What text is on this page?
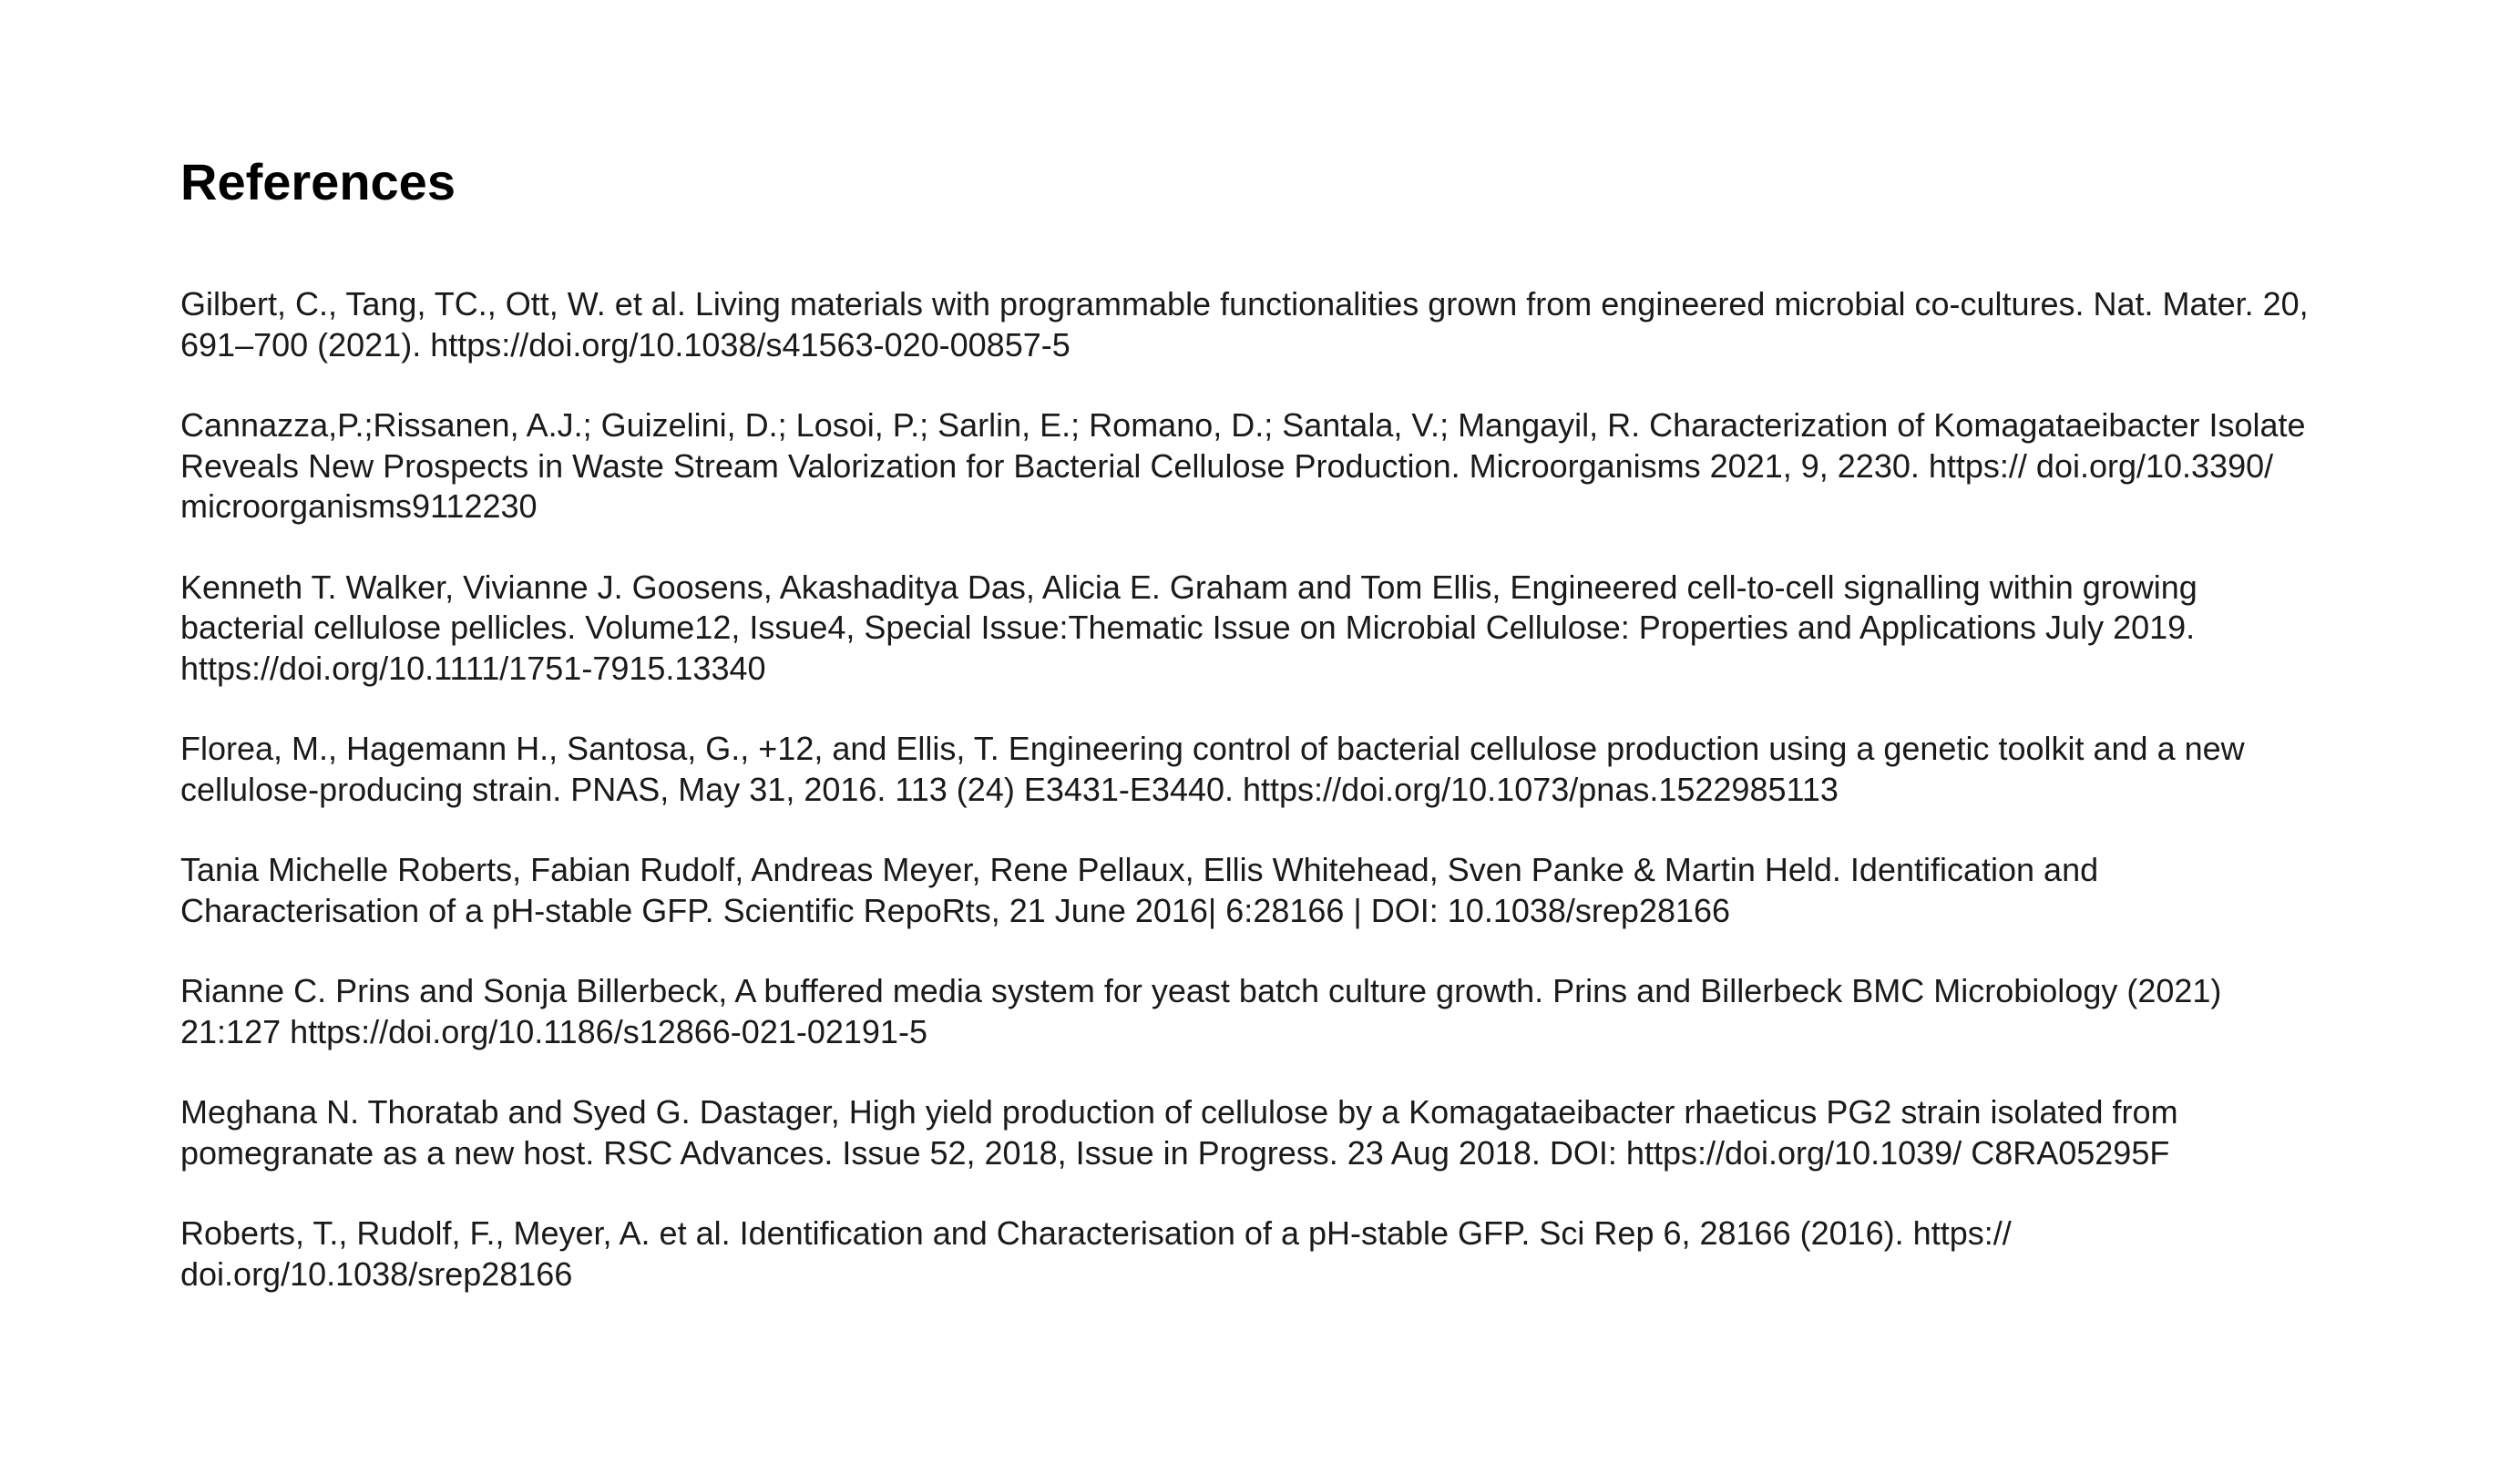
References
Gilbert, C., Tang, TC., Ott, W. et al. Living materials with programmable functionalities grown from engineered microbial co-cultures. Nat. Mater. 20, 691–700 (2021). https://doi.org/10.1038/s41563-020-00857-5
Cannazza,P.;Rissanen, A.J.; Guizelini, D.; Losoi, P.; Sarlin, E.; Romano, D.; Santala, V.; Mangayil, R. Characterization of Komagataeibacter Isolate Reveals New Prospects in Waste Stream Valorization for Bacterial Cellulose Production. Microorganisms 2021, 9, 2230. https:// doi.org/10.3390/ microorganisms9112230
Kenneth T. Walker, Vivianne J. Goosens, Akashaditya Das, Alicia E. Graham and Tom Ellis, Engineered cell-to-cell signalling within growing bacterial cellulose pellicles. Volume12, Issue4, Special Issue:Thematic Issue on Microbial Cellulose: Properties and Applications July 2019. https://doi.org/10.1111/1751-7915.13340
Florea, M., Hagemann H., Santosa, G., +12, and Ellis, T. Engineering control of bacterial cellulose production using a genetic toolkit and a new cellulose-producing strain. PNAS, May 31, 2016. 113 (24) E3431-E3440. https://doi.org/10.1073/pnas.1522985113
Tania Michelle Roberts, Fabian Rudolf, Andreas Meyer, Rene Pellaux, Ellis Whitehead, Sven Panke & Martin Held. Identification and Characterisation of a pH-stable GFP. Scientific RepoRts, 21 June 2016| 6:28166 | DOI: 10.1038/srep28166
Rianne C. Prins and Sonja Billerbeck, A buffered media system for yeast batch culture growth. Prins and Billerbeck BMC Microbiology (2021) 21:127 https://doi.org/10.1186/s12866-021-02191-5
Meghana N. Thoratab and Syed G. Dastager, High yield production of cellulose by a Komagataeibacter rhaeticus PG2 strain isolated from pomegranate as a new host. RSC Advances. Issue 52, 2018, Issue in Progress. 23 Aug 2018. DOI: https://doi.org/10.1039/ C8RA05295F
Roberts, T., Rudolf, F., Meyer, A. et al. Identification and Characterisation of a pH-stable GFP. Sci Rep 6, 28166 (2016). https:// doi.org/10.1038/srep28166
